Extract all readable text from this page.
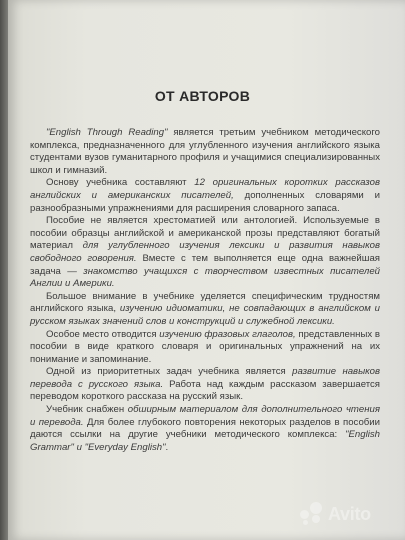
ОТ АВТОРОВ

"English Through Reading" является третьим учебником методического комплекса, предназначенного для углубленного изучения английского языка студентами вузов гуманитарного профиля и учащимися специализированных школ и гимназий.

Основу учебника составляют 12 оригинальных коротких рассказов английских и американских писателей, дополненных словарями и разнообразными упражнениями для расширения словарного запаса.

Пособие не является хрестоматией или антологией. Используемые в пособии образцы английской и американской прозы представляют богатый материал для углубленного изучения лексики и развития навыков свободного говорения. Вместе с тем выполняется еще одна важнейшая задача — знакомство учащихся с творчеством известных писателей Англии и Америки.

Большое внимание в учебнике уделяется специфическим трудностям английского языка, изучению идиоматики, не совпадающих в английском и русском языках значений слов и конструкций и служебной лексики.

Особое место отводится изучению фразовых глаголов, представленных в пособии в виде краткого словаря и оригинальных упражнений на их понимание и запоминание.

Одной из приоритетных задач учебника является развитие навыков перевода с русского языка. Работа над каждым рассказом завершается переводом короткого рассказа на русский язык.

Учебник снабжен обширным материалом для дополнительного чтения и перевода. Для более глубокого повторения некоторых разделов в пособии даются ссылки на другие учебники методического комплекса: "English Grammar" и "Everyday English".

Avito
